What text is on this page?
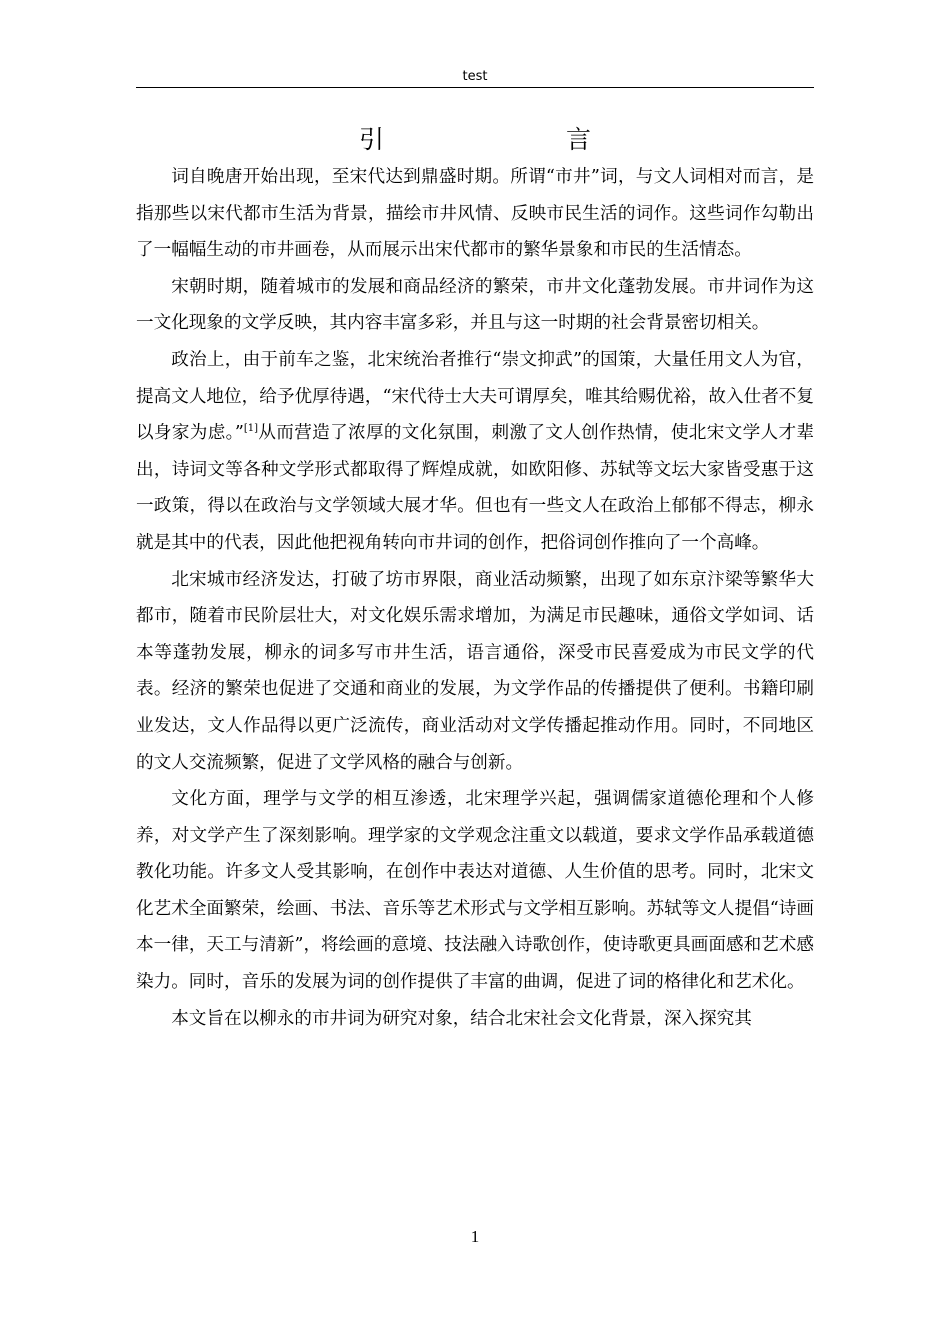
test
引　　言

词自晚唐开始出现，至宋代达到鼎盛时期。所谓“市井”词，与文人词相对而言，是指那些以宋代都市生活为背景，描绘市井风情、反映市民生活的词作。这些词作勾勒出了一幅幅生动的市井画卷，从而展示出宋代都市的繁华景象和市民的生活情态。

宋朝时期，随着城市的发展和商品经济的繁荣，市井文化蓬勃发展。市井词作为这一文化现象的文学反映，其内容丰富多彩，并且与这一时期的社会背景密切相关。

政治上，由于前车之鉴，北宋统治者推行“崇文抑武”的国策，大量任用文人为官，提高文人地位，给予优厚待遇，“宋代待士大夫可谓厚矣，唯其给赐优裕，故入仕者不复以身家为虑。”[1]从而营造了浓厚的文化氛围，刺激了文人创作热情，使北宋文学人才辈出，诗词文等各种文学形式都取得了辉煌成就，如欧阳修、苏轼等文坛大家皆受惠于这一政策，得以在政治与文学领域大展才华。但也有一些文人在政治上郁郁不得志，柳永就是其中的代表，因此他把视角转向市井词的创作，把俗词创作推向了一个高峰。

北宋城市经济发达，打破了坊市界限，商业活动频繁，出现了如东京汴梁等繁华大都市，随着市民阶层壮大，对文化娱乐需求增加，为满足市民趣味，通俗文学如词、话本等蓬勃发展，柳永的词多写市井生活，语言通俗，深受市民喜爱成为市民文学的代表。经济的繁荣也促进了交通和商业的发展，为文学作品的传播提供了便利。书籍印刷业发达，文人作品得以更广泛流传，商业活动对文学传播起推动作用。同时，不同地区的文人交流频繁，促进了文学风格的融合与创新。

文化方面，理学与文学的相互渗透，北宋理学兴起，强调儒家道德伦理和个人修养，对文学产生了深刻影响。理学家的文学观念注重文以载道，要求文学作品承载道德教化功能。许多文人受其影响，在创作中表达对道德、人生价值的思考。同时，北宋文化艺术全面繁荣，绘画、书法、音乐等艺术形式与文学相互影响。苏轼等文人提倡“诗画本一律，天工与清新”，将绘画的意境、技法融入诗歌创作，使诗歌更具画面感和艺术感染力。同时，音乐的发展为词的创作提供了丰富的曲调，促进了词的格律化和艺术化。

本文旨在以柳永的市井词为研究对象，结合北宋社会文化背景，深入探究其

1
